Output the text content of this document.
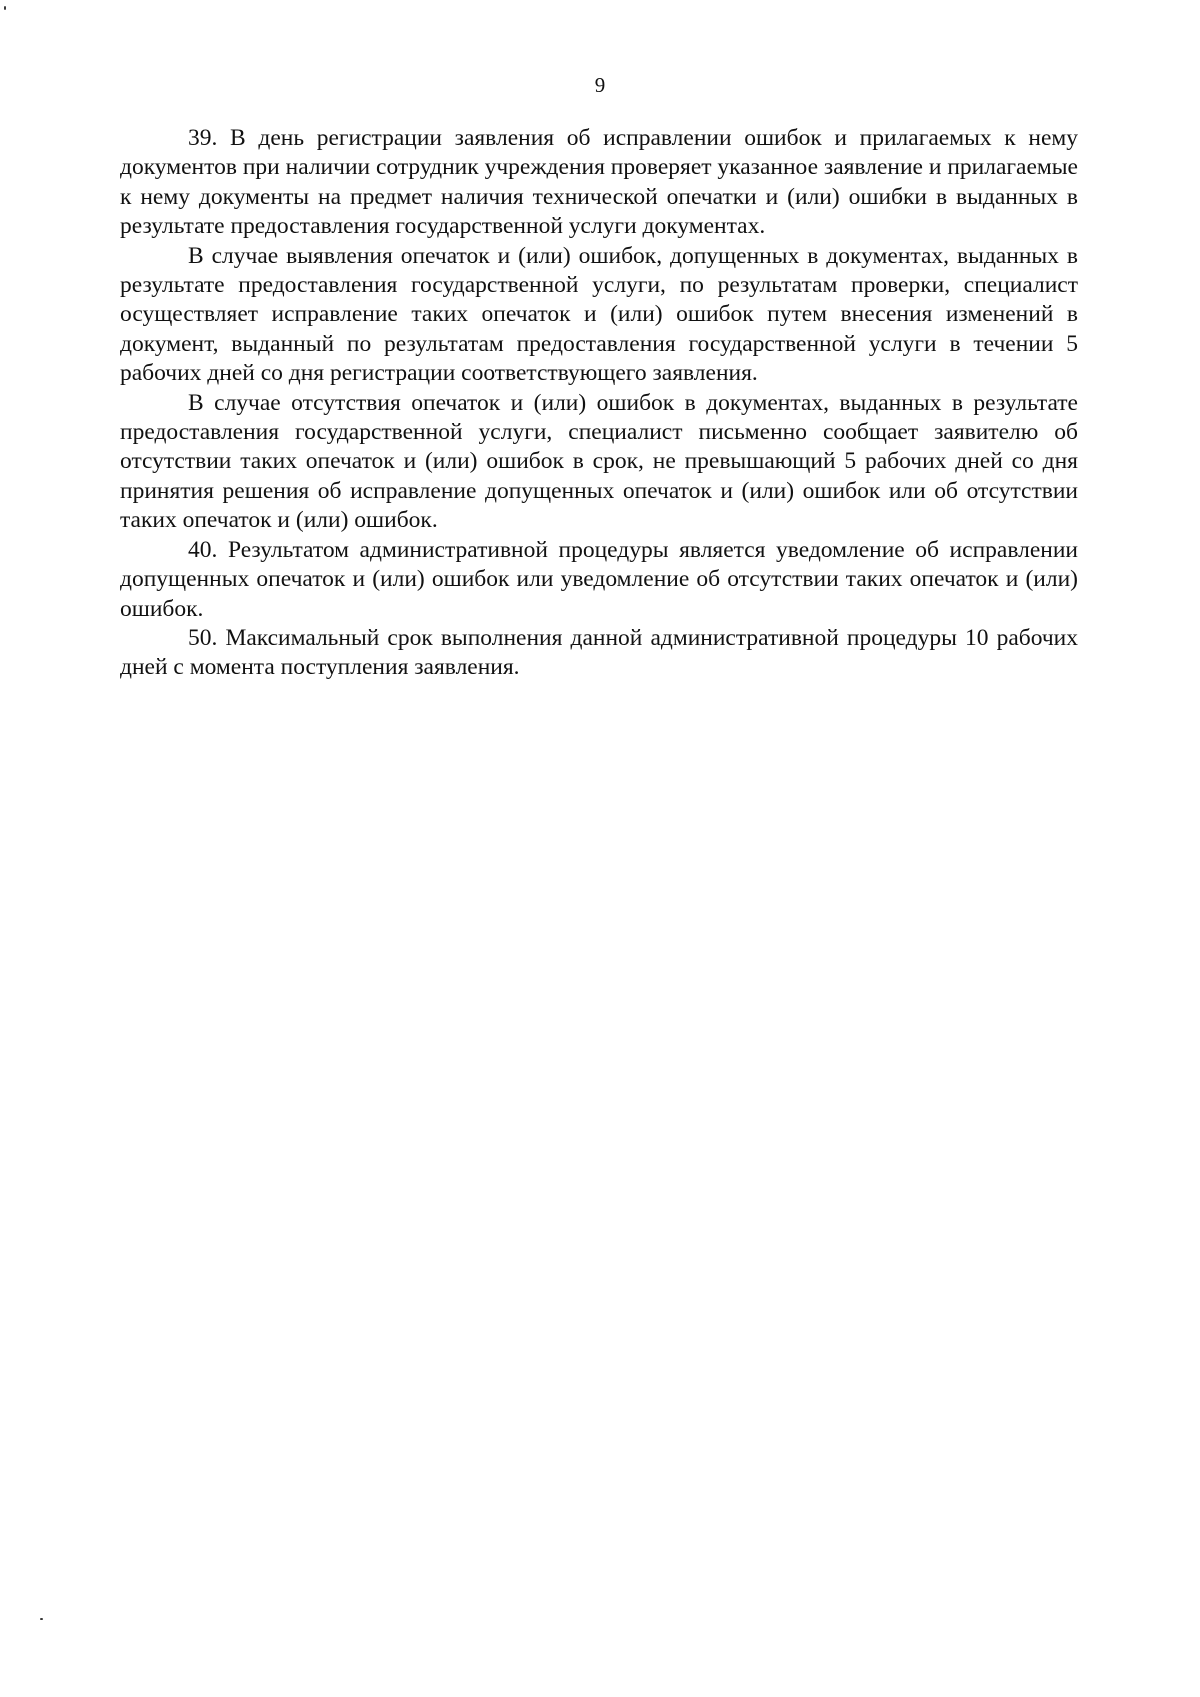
9

39. В день регистрации заявления об исправлении ошибок и прилагаемых к нему документов при наличии сотрудник учреждения проверяет указанное заявление и прилагаемые к нему документы на предмет наличия технической опечатки и (или) ошибки в выданных в результате предоставления государственной услуги документах.

В случае выявления опечаток и (или) ошибок, допущенных в документах, выданных в результате предоставления государственной услуги, по результатам проверки, специалист осуществляет исправление таких опечаток и (или) ошибок путем внесения изменений в документ, выданный по результатам предоставления государственной услуги в течении 5 рабочих дней со дня регистрации соответствующего заявления.

В случае отсутствия опечаток и (или) ошибок в документах, выданных в результате предоставления государственной услуги, специалист письменно сообщает заявителю об отсутствии таких опечаток и (или) ошибок в срок, не превышающий 5 рабочих дней со дня принятия решения об исправление допущенных опечаток и (или) ошибок или об отсутствии таких опечаток и (или) ошибок.

40. Результатом административной процедуры является уведомление об исправлении допущенных опечаток и (или) ошибок или уведомление об отсутствии таких опечаток и (или) ошибок.

50. Максимальный срок выполнения данной административной процедуры 10 рабочих дней с момента поступления заявления.
